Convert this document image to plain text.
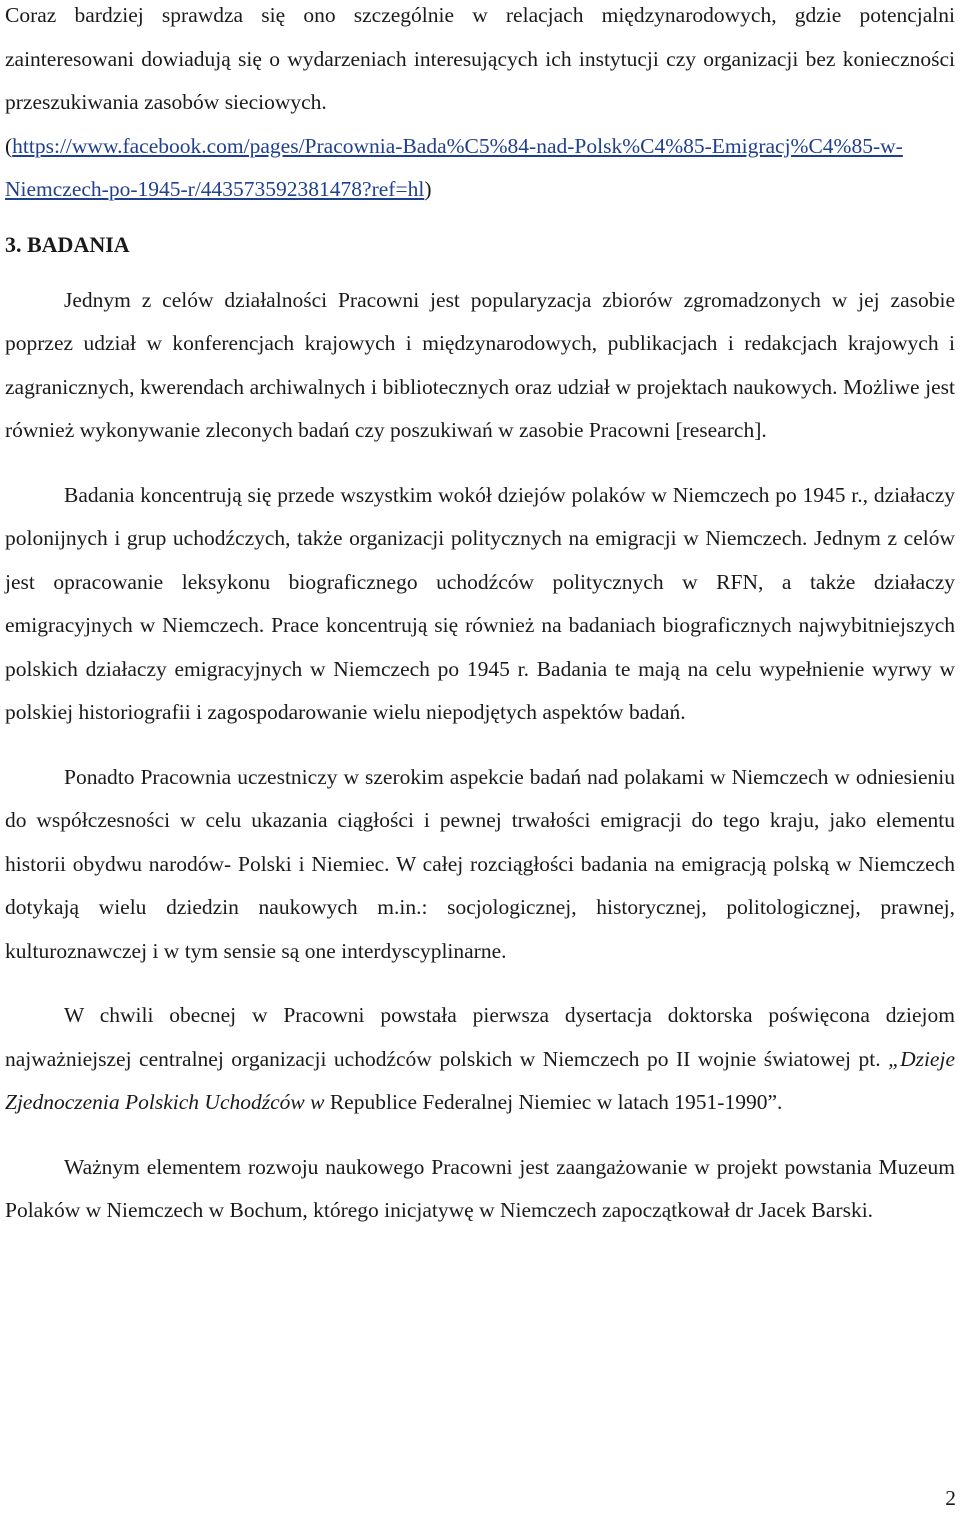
Coraz bardziej sprawdza się ono szczególnie w relacjach międzynarodowych, gdzie potencjalni zainteresowani dowiadują się o wydarzeniach interesujących ich instytucji czy organizacji bez konieczności przeszukiwania zasobów sieciowych.

(https://www.facebook.com/pages/Pracownia-Bada%C5%84-nad-Polsk%C4%85-Emigracj%C4%85-w-Niemczech-po-1945-r/443573592381478?ref=hl)

3. BADANIA

Jednym z celów działalności Pracowni jest popularyzacja zbiorów zgromadzonych w jej zasobie poprzez udział w konferencjach krajowych i międzynarodowych, publikacjach i redakcjach krajowych i zagranicznych, kwerendach archiwalnych i bibliotecznych oraz udział w projektach naukowych. Możliwe jest również wykonywanie zleconych badań czy poszukiwań w zasobie Pracowni [research].

Badania koncentrują się przede wszystkim wokół dziejów polaków w Niemczech po 1945 r., działaczy polonijnych i grup uchodźczych, także organizacji politycznych na emigracji w Niemczech. Jednym z celów jest opracowanie leksykonu biograficznego uchodźców politycznych w RFN, a także działaczy emigracyjnych w Niemczech. Prace koncentrują się również na badaniach biograficznych najwybitniejszych polskich działaczy emigracyjnych w Niemczech po 1945 r. Badania te mają na celu wypełnienie wyrwy w polskiej historiografii i zagospodarowanie wielu niepodjętych aspektów badań.

Ponadto Pracownia uczestniczy w szerokim aspekcie badań nad polakami w Niemczech w odniesieniu do współczesności w celu ukazania ciągłości i pewnej trwałości emigracji do tego kraju, jako elementu historii obydwu narodów- Polski i Niemiec. W całej rozciągłości badania na emigracją polską w Niemczech dotykają wielu dziedzin naukowych m.in.: socjologicznej, historycznej, politologicznej, prawnej, kulturoznawczej i w tym sensie są one interdyscyplinarne.

W chwili obecnej w Pracowni powstała pierwsza dysertacja doktorska poświęcona dziejom najważniejszej centralnej organizacji uchodźców polskich w Niemczech po II wojnie światowej pt. „Dzieje Zjednoczenia Polskich Uchodźców w Republice Federalnej Niemiec w latach 1951-1990”.

Ważnym elementem rozwoju naukowego Pracowni jest zaangażowanie w projekt powstania Muzeum Polaków w Niemczech w Bochum, którego inicjatywę w Niemczech zapoczątkował dr Jacek Barski.

2
